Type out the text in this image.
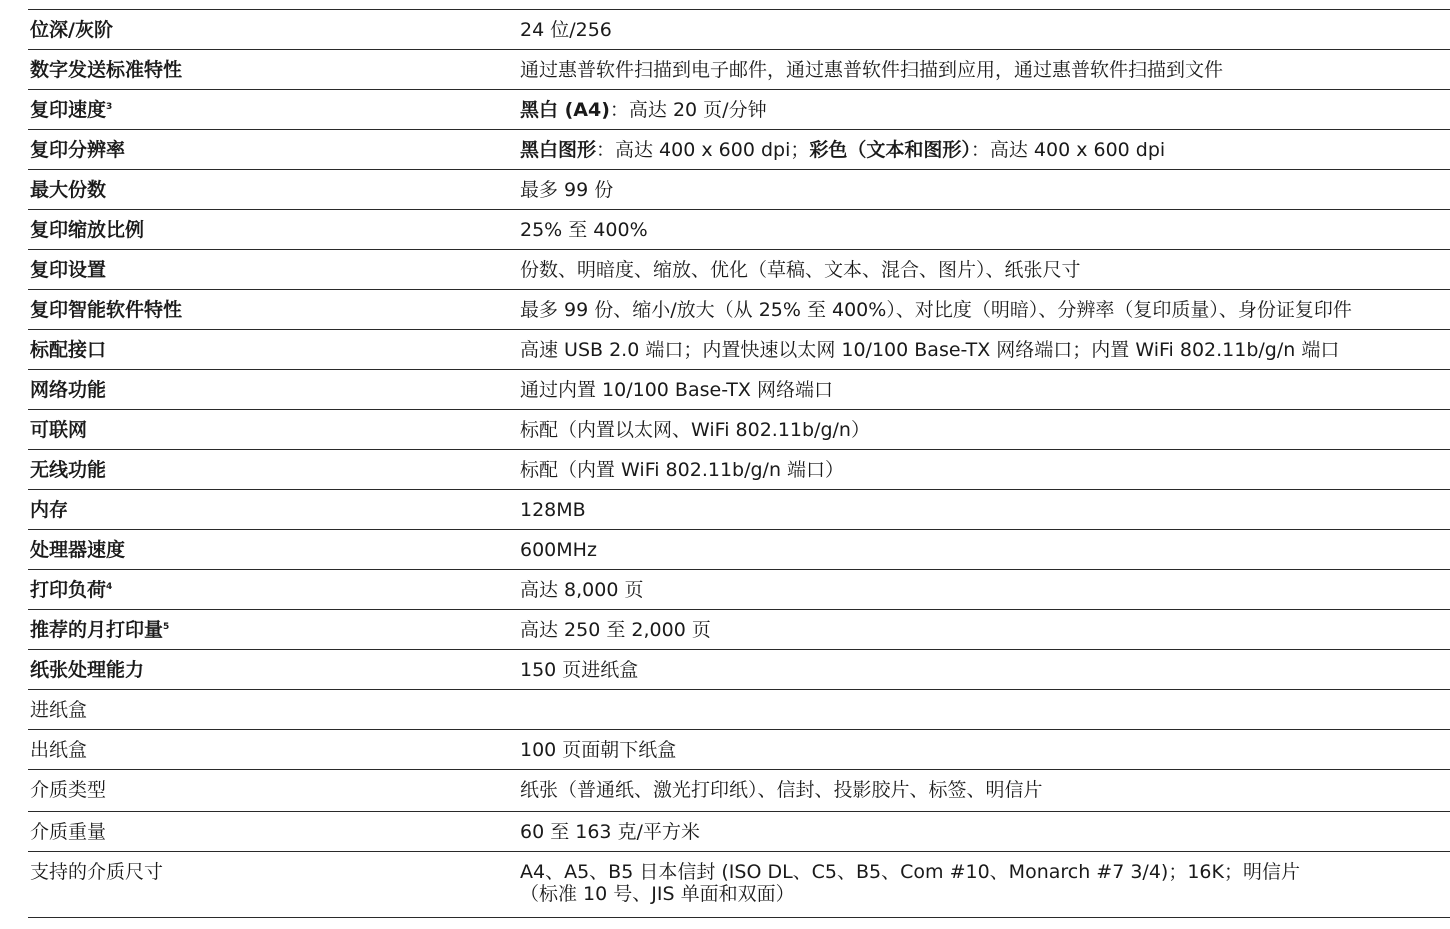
位深/灰阶	24 位/256
数字发送标准特性	通过惠普软件扫描到电子邮件，通过惠普软件扫描到应用，通过惠普软件扫描到文件
复印速度$^3$	黑白 (A4)：高达 20 页/分钟
复印分辨率	黑白图形：高达 400 x 600 dpi；彩色（文本和图形）：高达 400 x 600 dpi
最大份数	最多 99 份
复印缩放比例	25% 至 400%
复印设置	份数、明暗度、缩放、优化（草稿、文本、混合、图片）、纸张尺寸
复印智能软件特性	最多 99 份、缩小/放大（从 25% 至 400%）、对比度（明暗）、分辨率（复印质量）、身份证复印件
标配接口	高速 USB 2.0 端口；内置快速以太网 10/100 Base-TX 网络端口；内置 WiFi 802.11b/g/n 端口
网络功能	通过内置 10/100 Base-TX 网络端口
可联网	标配（内置以太网、WiFi 802.11b/g/n）
无线功能	标配（内置 WiFi 802.11b/g/n 端口）
内存	128MB
处理器速度	600MHz
打印负荷$^4$	高达 8,000 页
推荐的月打印量$^5$	高达 250 至 2,000 页
纸张处理能力	150 页进纸盒
进纸盒	
出纸盒	100 页面朝下纸盒
介质类型	纸张（普通纸、激光打印纸）、信封、投影胶片、标签、明信片
介质重量	60 至 163 克/平方米
支持的介质尺寸	A4、A5、B5 日本信封 (ISO DL、C5、B5、Com #10、Monarch #7 3/4)；16K；明信片
（标准 10 号、JIS 单面和双面）
